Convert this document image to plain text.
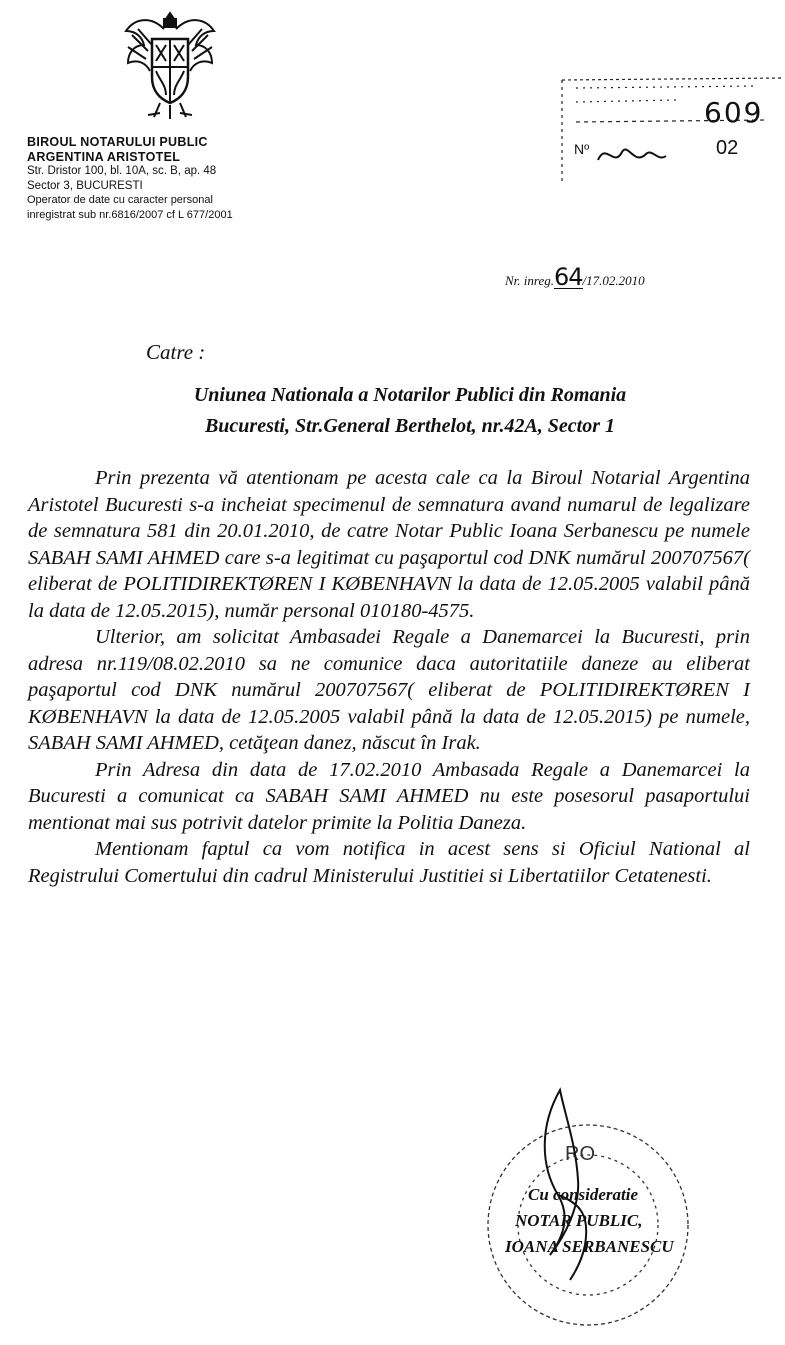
BIROUL NOTARULUI PUBLIC
ARGENTINA ARISTOTEL
Str. Dristor 100, bl. 10A, sc. B, ap. 48
Sector 3, BUCURESTI
Operator de date cu caracter personal
inregistrat sub nr.6816/2007 cf L 677/2001
Nº
609
02
Nr. inreg.64/17.02.2010
Catre :
Uniunea Nationala a Notarilor Publici din Romania
Bucuresti, Str.General Berthelot, nr.42A, Sector 1

Prin prezenta vă atentionam pe acesta cale ca la Biroul Notarial Argentina Aristotel Bucuresti s-a incheiat specimenul de semnatura avand numarul de legalizare de semnatura 581 din 20.01.2010, de catre Notar Public Ioana Serbanescu pe numele SABAH SAMI AHMED care s-a legitimat cu paşaportul cod DNK numărul 200707567( eliberat de POLITIDIREKTØREN I KØBENHAVN la data de 12.05.2005 valabil până la data de 12.05.2015), număr personal 010180-4575.

Ulterior, am solicitat Ambasadei Regale a Danemarcei la Bucuresti, prin adresa nr.119/08.02.2010 sa ne comunice daca autoritatiile daneze au eliberat paşaportul cod DNK numărul 200707567( eliberat de POLITIDIREKTØREN I KØBENHAVN la data de 12.05.2005 valabil până la data de 12.05.2015) pe numele, SABAH SAMI AHMED, cetăţean danez, născut în Irak.

Prin Adresa din data de 17.02.2010 Ambasada Regale a Danemarcei la Bucuresti a comunicat ca SABAH SAMI AHMED nu este posesorul pasaportului mentionat mai sus potrivit datelor primite la Politia Daneza.

Mentionam faptul ca vom notifica in acest sens si Oficiul National al Registrului Comertului din cadrul Ministerului Justitiei si Libertatiilor Cetatenesti.

RO
Cu consideratie
NOTAR PUBLIC,
IOANA SERBANESCU
